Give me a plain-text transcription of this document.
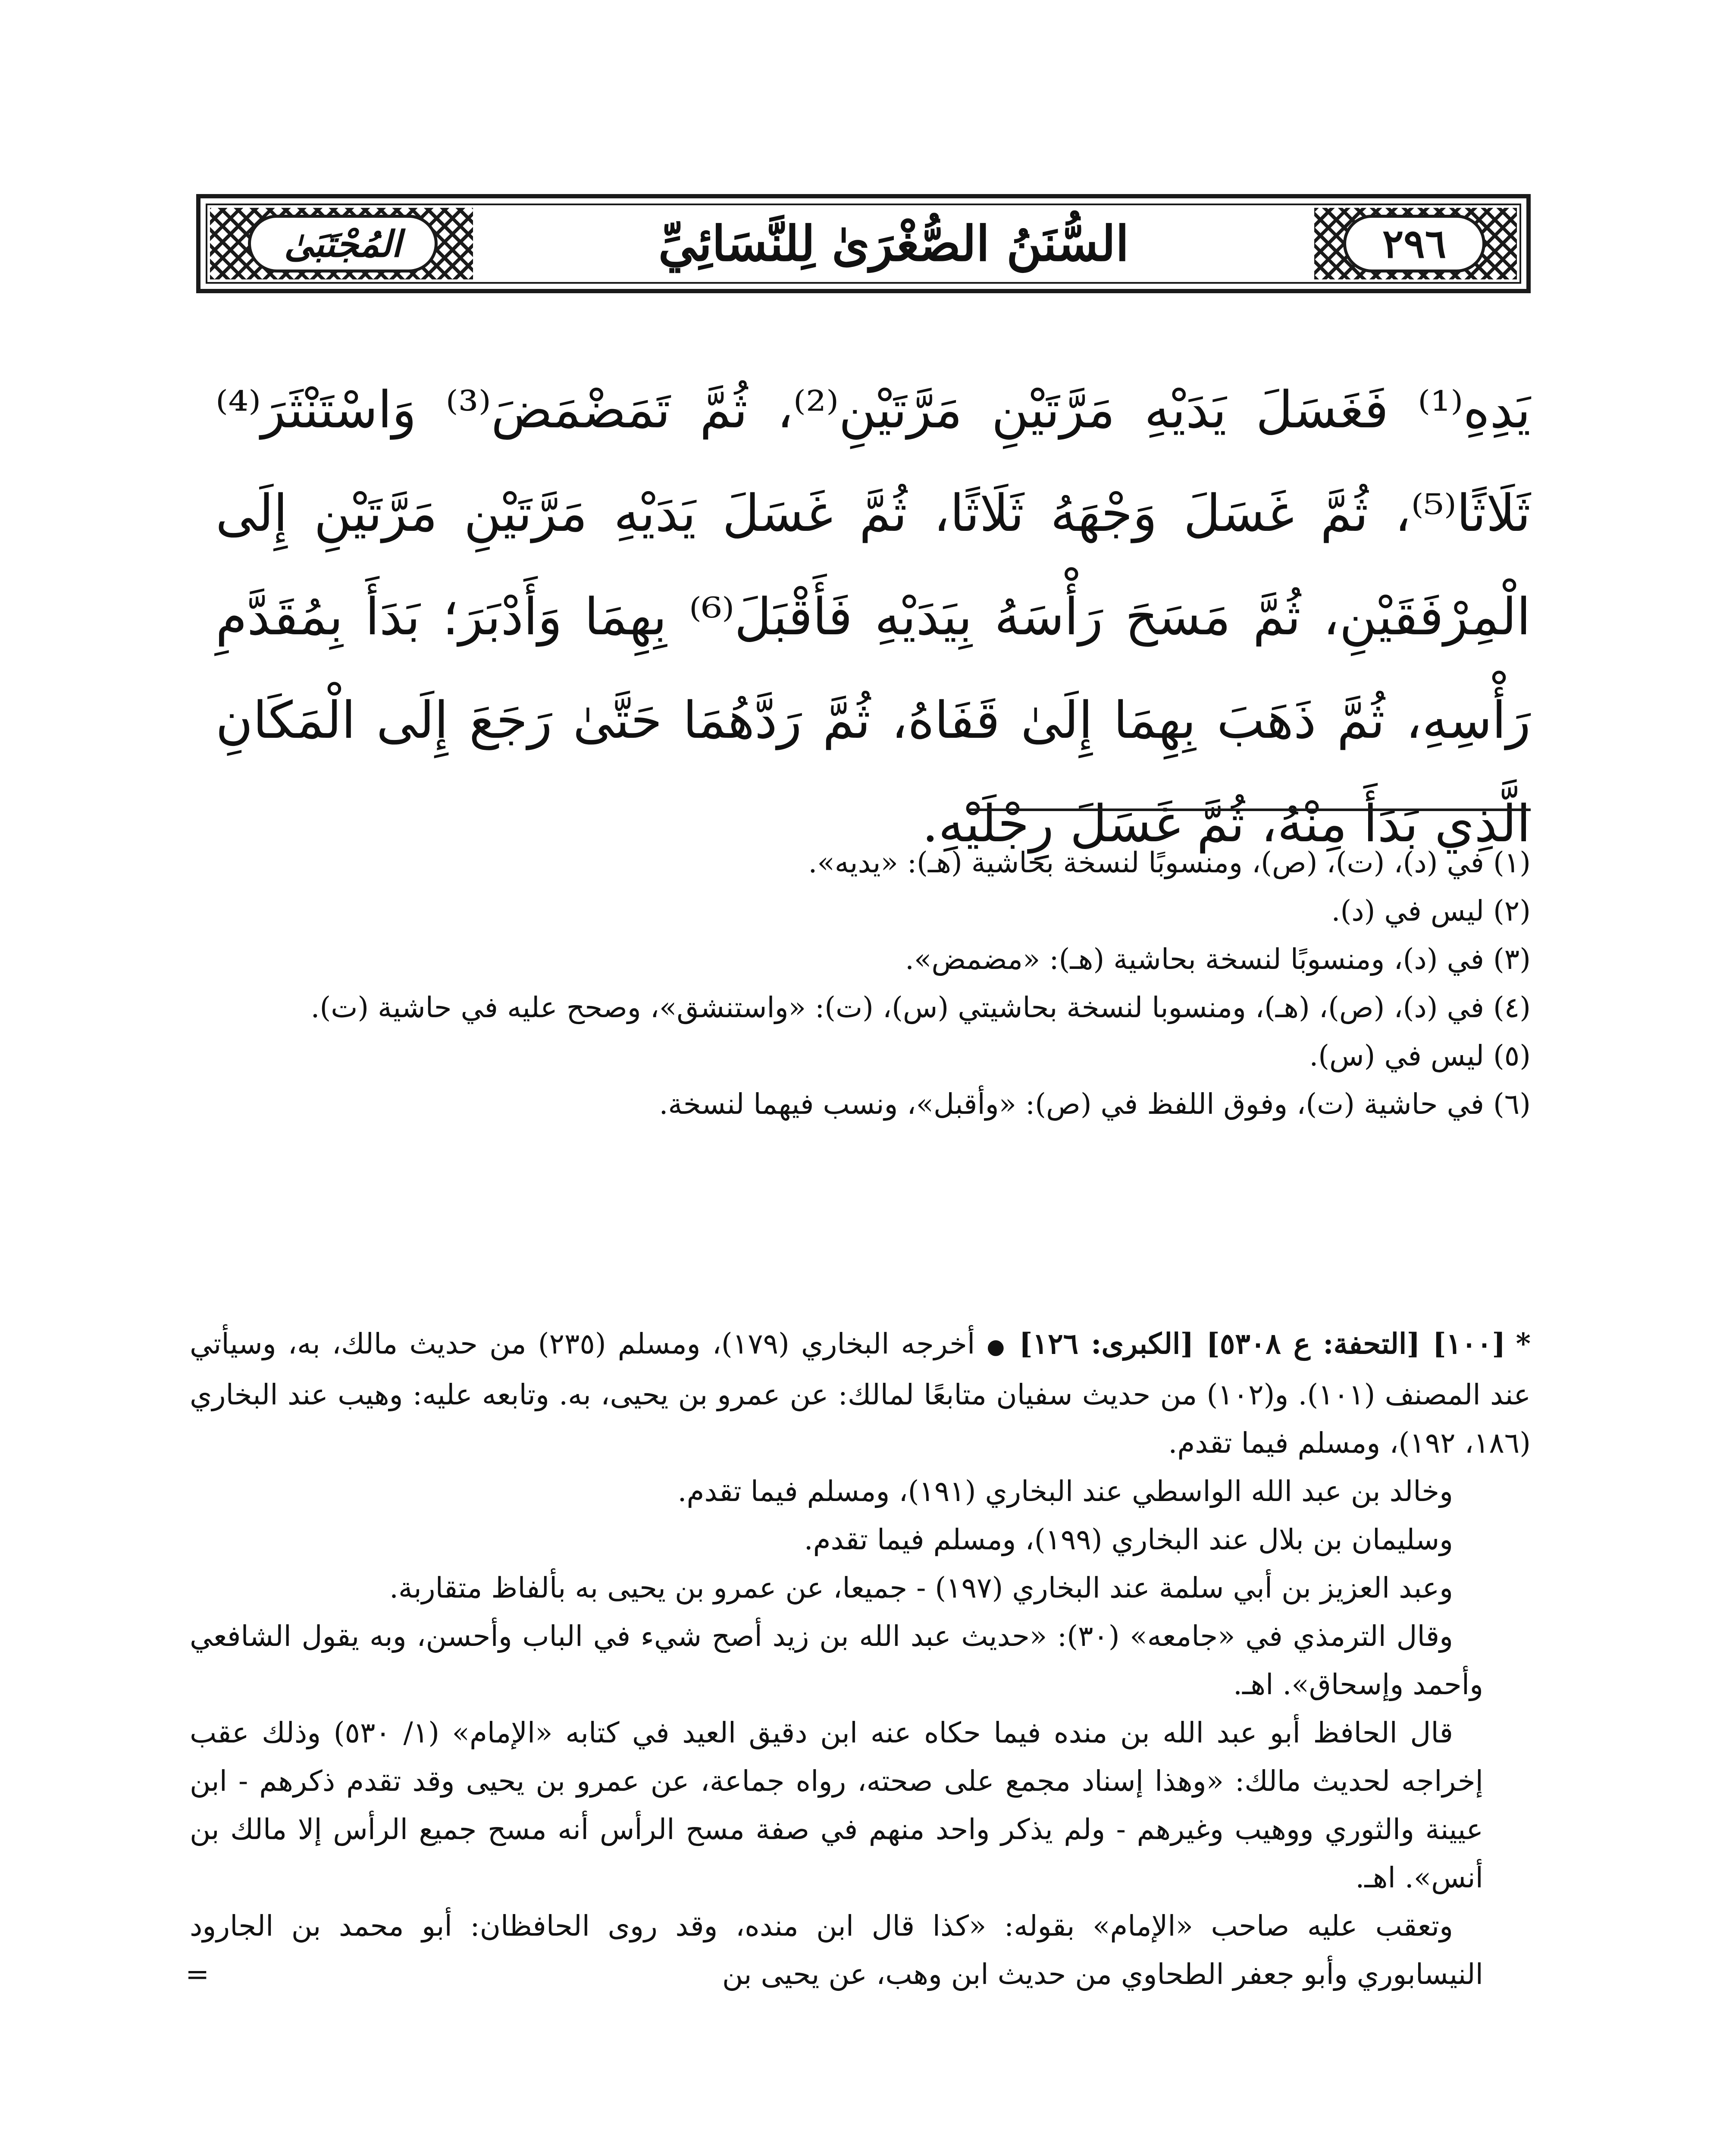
٢٩٦
المُجْتَبَىٰ	السُّنَنُ الصُّغْرَىٰ لِلنَّسَائِيِّ

يَدِهِ⁽¹⁾ فَغَسَلَ يَدَيْهِ مَرَّتَيْنِ مَرَّتَيْنِ⁽²⁾، ثُمَّ تَمَضْمَضَ⁽³⁾ وَاسْتَنْثَرَ⁽⁴⁾ ثَلَاثًا⁽⁵⁾، ثُمَّ غَسَلَ وَجْهَهُ ثَلَاثًا، ثُمَّ غَسَلَ يَدَيْهِ مَرَّتَيْنِ مَرَّتَيْنِ إِلَى الْمِرْفَقَيْنِ، ثُمَّ مَسَحَ رَأْسَهُ بِيَدَيْهِ فَأَقْبَلَ⁽⁶⁾ بِهِمَا وَأَدْبَرَ؛ بَدَأَ بِمُقَدَّمِ رَأْسِهِ، ثُمَّ ذَهَبَ بِهِمَا إِلَىٰ قَفَاهُ، ثُمَّ رَدَّهُمَا حَتَّىٰ رَجَعَ إِلَى الْمَكَانِ الَّذِي بَدَأَ مِنْهُ، ثُمَّ غَسَلَ رِجْلَيْهِ.

(١) في (د)، (ت)، (ص)، ومنسوبًا لنسخة بحاشية (هـ): «يديه».

(٢) ليس في (د).

(٣) في (د)، ومنسوبًا لنسخة بحاشية (هـ): «مضمض».

(٤) في (د)، (ص)، (هـ)، ومنسوبا لنسخة بحاشيتي (س)، (ت): «واستنشق»، وصحح عليه في حاشية (ت).

(٥) ليس في (س).

(٦) في حاشية (ت)، وفوق اللفظ في (ص): «وأقبل»، ونسب فيهما لنسخة.

*[١٠٠] [التحفة: ع ٥٣٠٨] [الكبرى: ١٢٦] ● أخرجه البخاري (١٧٩)، ومسلم (٢٣٥) من حديث مالك، به، وسيأتي عند المصنف (١٠١). و(١٠٢) من حديث سفيان متابعًا لمالك: عن عمرو بن يحيى، به. وتابعه عليه: وهيب عند البخاري (١٨٦، ١٩٢)، ومسلم فيما تقدم.

وخالد بن عبد الله الواسطي عند البخاري (١٩١)، ومسلم فيما تقدم.

وسليمان بن بلال عند البخاري (١٩٩)، ومسلم فيما تقدم.

وعبد العزيز بن أبي سلمة عند البخاري (١٩٧) - جميعا، عن عمرو بن يحيى به بألفاظ متقاربة.

وقال الترمذي في «جامعه» (٣٠): «حديث عبد الله بن زيد أصح شيء في الباب وأحسن، وبه يقول الشافعي وأحمد وإسحاق». اهـ.

قال الحافظ أبو عبد الله بن منده فيما حكاه عنه ابن دقيق العيد في كتابه «الإمام» (١/ ٥٣٠) وذلك عقب إخراجه لحديث مالك: «وهذا إسناد مجمع على صحته، رواه جماعة، عن عمرو بن يحيى وقد تقدم ذكرهم - ابن عيينة والثوري ووهيب وغيرهم - ولم يذكر واحد منهم في صفة مسح الرأس أنه مسح جميع الرأس إلا مالك بن أنس». اهـ.

وتعقب عليه صاحب «الإمام» بقوله: «كذا قال ابن منده، وقد روى الحافظان: أبو محمد بن الجارود النيسابوري وأبو جعفر الطحاوي من حديث ابن وهب، عن يحيى بن
=
